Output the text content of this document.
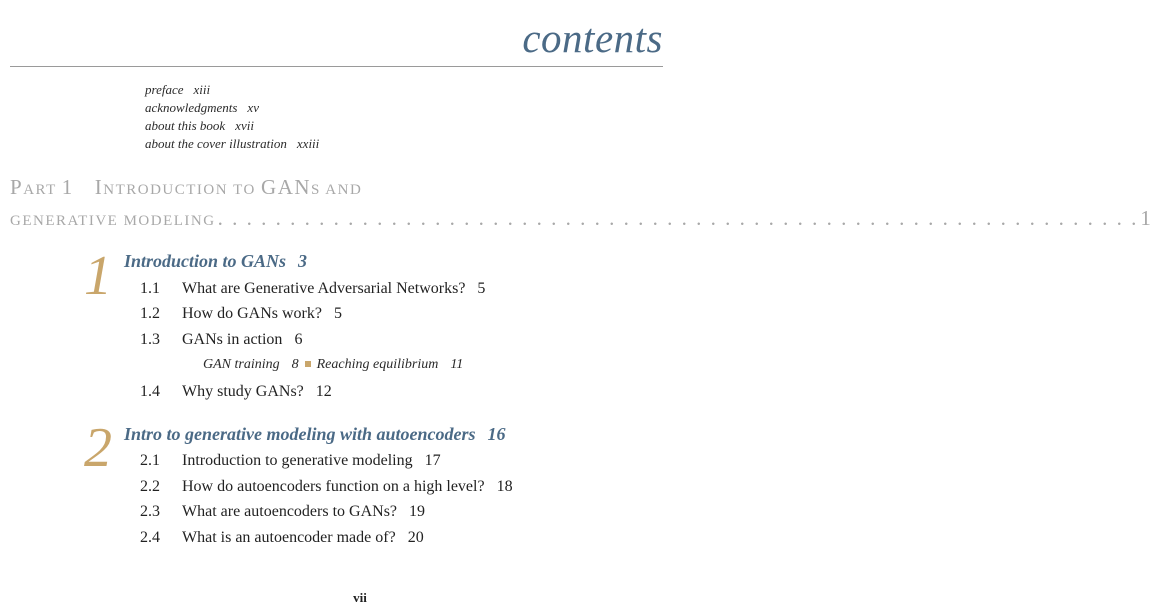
contents
preface xiii
acknowledgments xv
about this book xvii
about the cover illustration xxiii
PART 1 INTRODUCTION TO GANS AND
GENERATIVE MODELING . . . . . . . . . . . . . . . . . . . . . . . . . . . . . . . . . . . . . . . . . . . . . . . . . . . . . . . . . . . . . . . . 1
1 Introduction to GANs 3
1.1 What are Generative Adversarial Networks? 5
1.2 How do GANs work? 5
1.3 GANs in action 6
GAN training 8 Reaching equilibrium 11
1.4 Why study GANs? 12
2 Intro to generative modeling with autoencoders 16
2.1 Introduction to generative modeling 17
2.2 How do autoencoders function on a high level? 18
2.3 What are autoencoders to GANs? 19
2.4 What is an autoencoder made of? 20
vii
